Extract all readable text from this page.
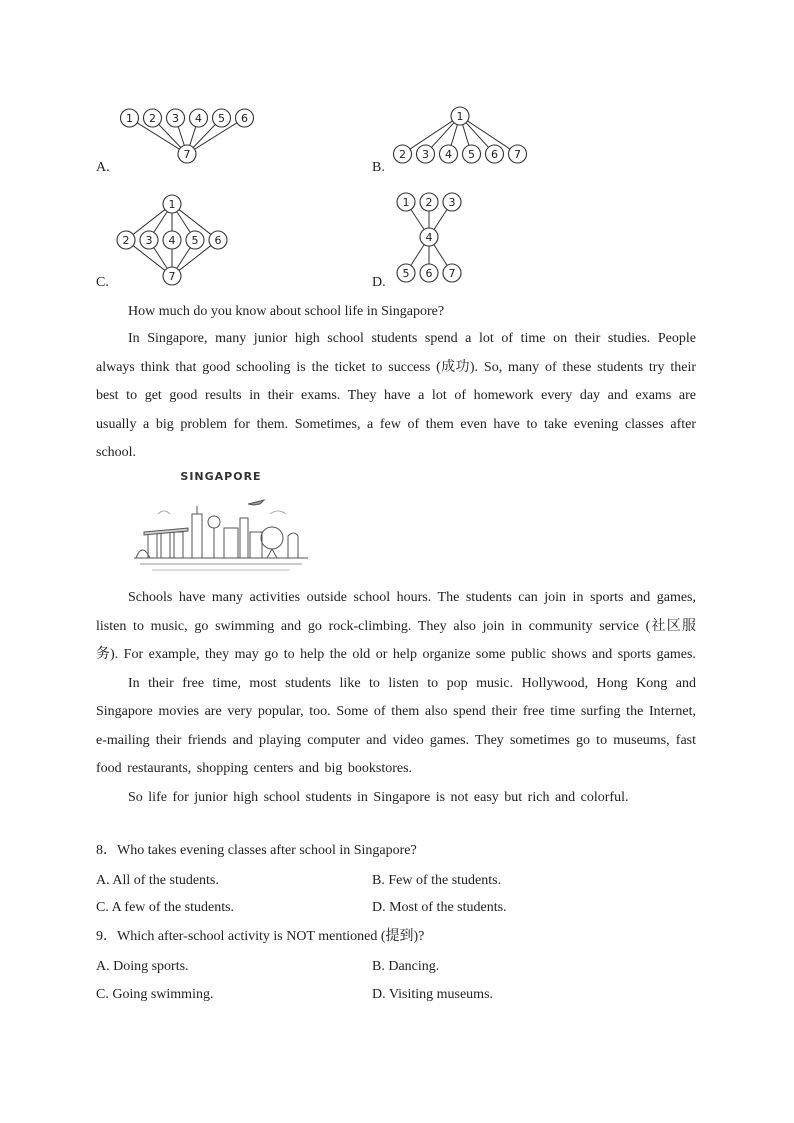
A.
1 2 3 4 5 6
7
B.
1
2 3 4 5 6 7
C.
1
2 3 4 5 6
7	D.
1 2 3
4
5 6 7
How much do you know about school life in Singapore?

In Singapore, many junior high school students spend a lot of time on their studies. People always think that good schooling is the ticket to success (成功). So, many of these students try their best to get good results in their exams. They have a lot of homework every day and exams are usually a big problem for them. Sometimes, a few of them even have to take evening classes after school.

SINGAPORE

Schools have many activities outside school hours. The students can join in sports and games, listen to music, go swimming and go rock-climbing. They also join in community service (社区服务). For example, they may go to help the old or help organize some public shows and sports games.

In their free time, most students like to listen to pop music. Hollywood, Hong Kong and Singapore movies are very popular, too. Some of them also spend their free time surfing the Internet, e-mailing their friends and playing computer and video games. They sometimes go to museums, fast food restaurants, shopping centers and big bookstores.

So life for junior high school students in Singapore is not easy but rich and colorful.

8．Who takes evening classes after school in Singapore?
A. All of the students.	B. Few of the students.
C. A few of the students.	D. Most of the students.
9．Which after-school activity is NOT mentioned (提到)?
A. Doing sports.	B. Dancing.
C. Going swimming.	D. Visiting museums.
